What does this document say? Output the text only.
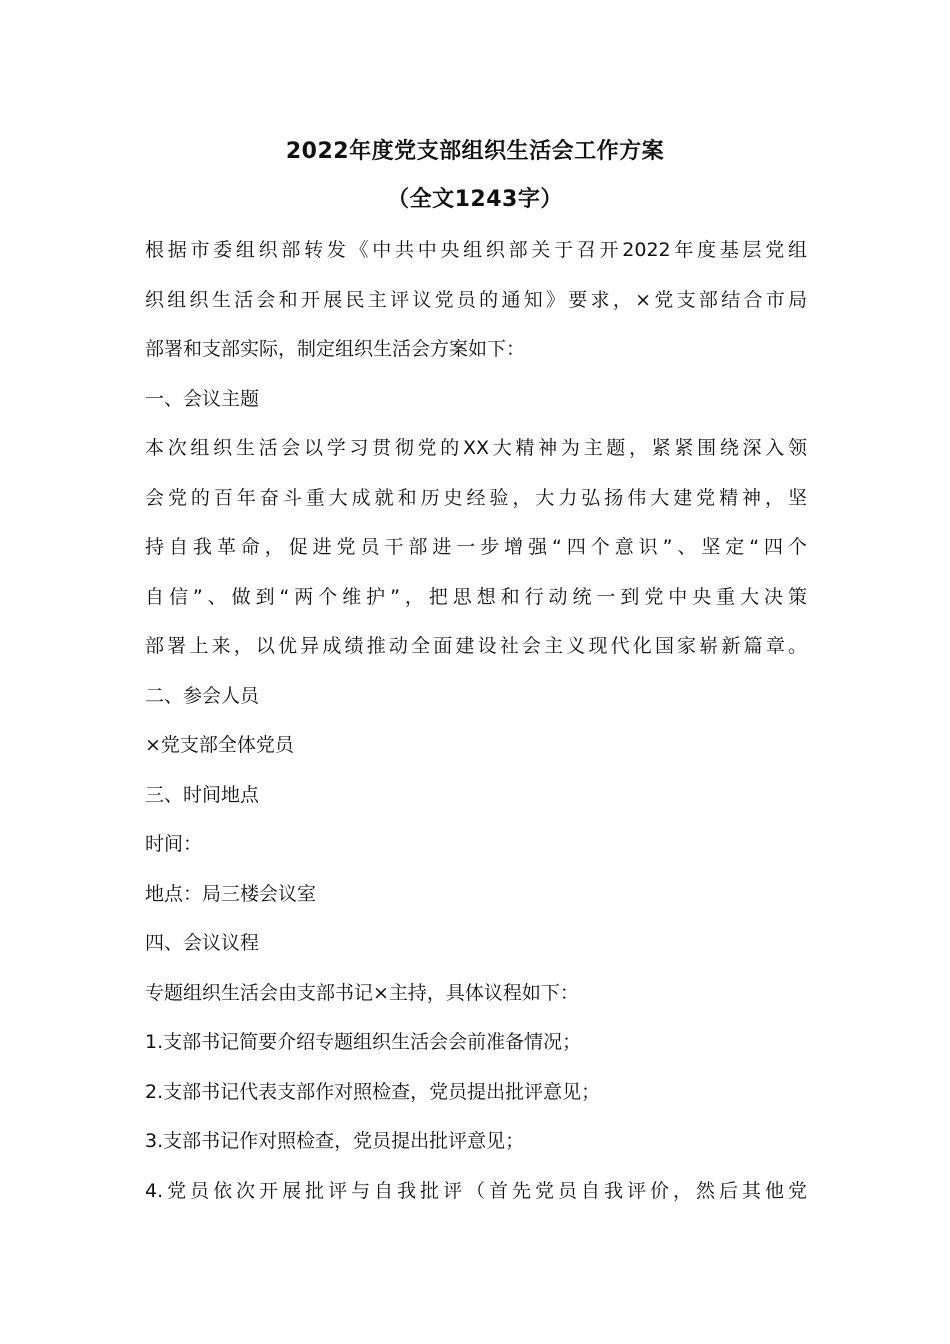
2022年度党支部组织生活会工作方案
（全文1243字）
根据市委组织部转发《中共中央组织部关于召开2022年度基层党组
织组织生活会和开展民主评议党员的通知》要求，×党支部结合市局
部署和支部实际，制定组织生活会方案如下：
一、会议主题
本次组织生活会以学习贯彻党的XX大精神为主题，紧紧围绕深入领
会党的百年奋斗重大成就和历史经验，大力弘扬伟大建党精神，坚
持自我革命，促进党员干部进一步增强“四个意识”、坚定“四个
自信”、做到“两个维护”，把思想和行动统一到党中央重大决策
部署上来，以优异成绩推动全面建设社会主义现代化国家崭新篇章。
二、参会人员
×党支部全体党员
三、时间地点
时间：
地点：局三楼会议室
四、会议议程
专题组织生活会由支部书记×主持，具体议程如下：
1.支部书记简要介绍专题组织生活会会前准备情况；
2.支部书记代表支部作对照检查，党员提出批评意见；
3.支部书记作对照检查，党员提出批评意见；
4.党员依次开展批评与自我批评（首先党员自我评价，然后其他党
